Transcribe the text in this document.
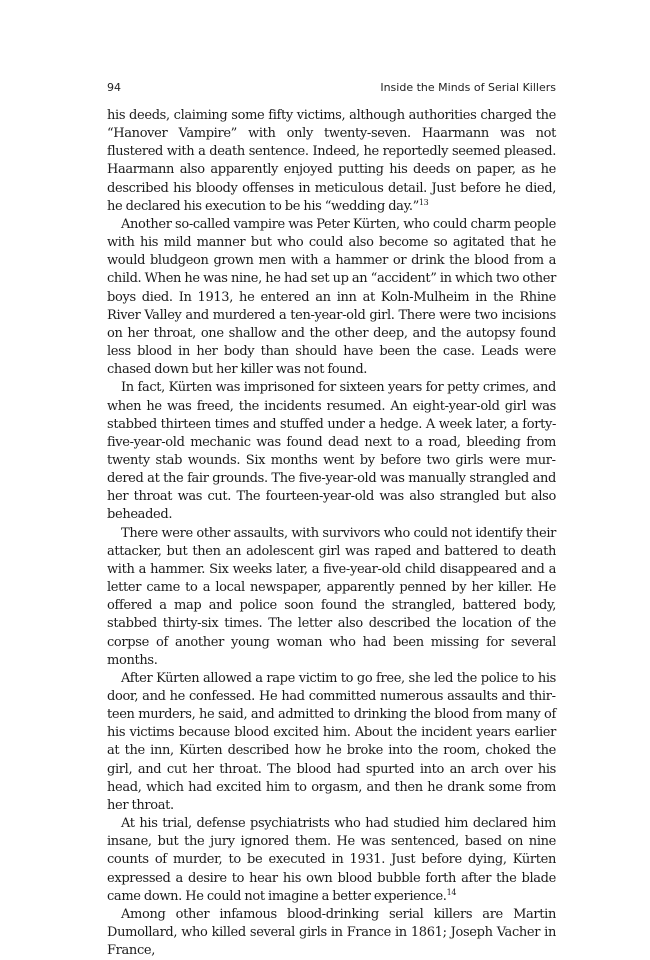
94	Inside the Minds of Serial Killers

his deeds, claiming some fifty victims, although authorities charged the “Hanover Vampire” with only twenty-seven. Haarmann was not flustered with a death sentence. Indeed, he reportedly seemed pleased. Haarmann also apparently enjoyed putting his deeds on paper, as he described his bloody offenses in meticulous detail. Just before he died, he declared his execution to be his “wedding day.”$^{13}$

Another so-called vampire was Peter Kürten, who could charm people with his mild manner but who could also become so agitated that he would bludgeon grown men with a hammer or drink the blood from a child. When he was nine, he had set up an “accident” in which two other boys died. In 1913, he entered an inn at Koln-Mulheim in the Rhine River Valley and murdered a ten-year-old girl. There were two incisions on her throat, one shallow and the other deep, and the autopsy found less blood in her body than should have been the case. Leads were chased down but her killer was not found.

In fact, Kürten was imprisoned for sixteen years for petty crimes, and when he was freed, the incidents resumed. An eight-year-old girl was stabbed thirteen times and stuffed under a hedge. A week later, a forty-five-year-old mechanic was found dead next to a road, bleeding from twenty stab wounds. Six months went by before two girls were murdered at the fair grounds. The five-year-old was manually strangled and her throat was cut. The fourteen-year-old was also strangled but also beheaded.

There were other assaults, with survivors who could not identify their attacker, but then an adolescent girl was raped and battered to death with a hammer. Six weeks later, a five-year-old child disappeared and a letter came to a local newspaper, apparently penned by her killer. He offered a map and police soon found the strangled, battered body, stabbed thirty-six times. The letter also described the location of the corpse of another young woman who had been missing for several months.

After Kürten allowed a rape victim to go free, she led the police to his door, and he confessed. He had committed numerous assaults and thirteen murders, he said, and admitted to drinking the blood from many of his victims because blood excited him. About the incident years earlier at the inn, Kürten described how he broke into the room, choked the girl, and cut her throat. The blood had spurted into an arch over his head, which had excited him to orgasm, and then he drank some from her throat.

At his trial, defense psychiatrists who had studied him declared him insane, but the jury ignored them. He was sentenced, based on nine counts of murder, to be executed in 1931. Just before dying, Kürten expressed a desire to hear his own blood bubble forth after the blade came down. He could not imagine a better experience.$^{14}$

Among other infamous blood-drinking serial killers are Martin Dumollard, who killed several girls in France in 1861; Joseph Vacher in France,
